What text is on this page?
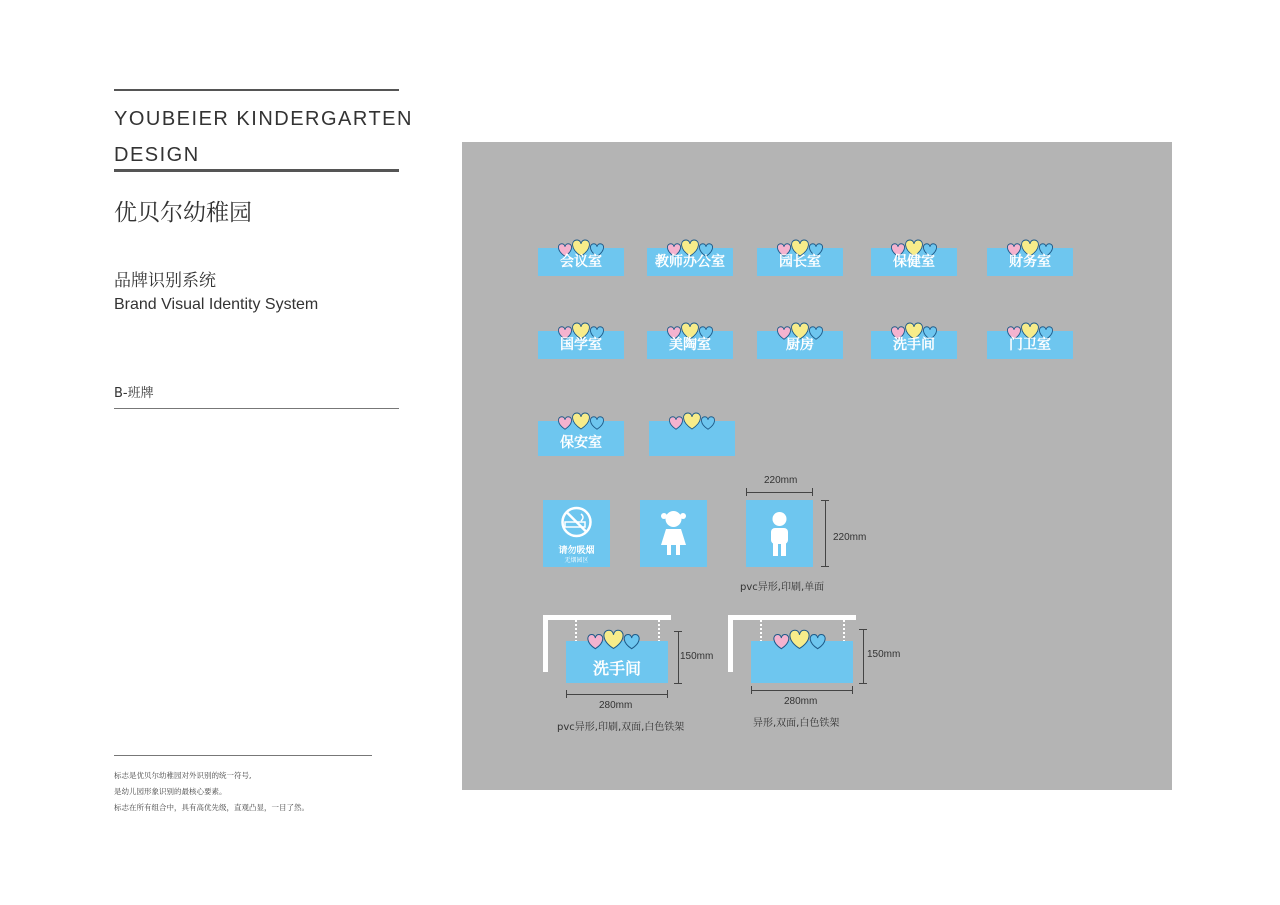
YOUBEIER KINDERGARTEN
DESIGN
优贝尔幼稚园
品牌识别系统
Brand Visual Identity System
B-班牌
标志是优贝尔幼稚园对外识别的统一符号,
是幼儿园形象识别的最核心要素。
标志在所有组合中，具有高优先级，直观凸显，一目了然。
会议室	教师办公室	园长室	保健室	财务室
国学室	美陶室	厨房	洗手间	门卫室
保安室
请勿吸烟
无烟园区
220mm
220mm
pvc异形,印刷,单面
洗手间
150mm
280mm
pvc异形,印刷,双面,白色铁架
150mm
280mm
异形,双面,白色铁架
